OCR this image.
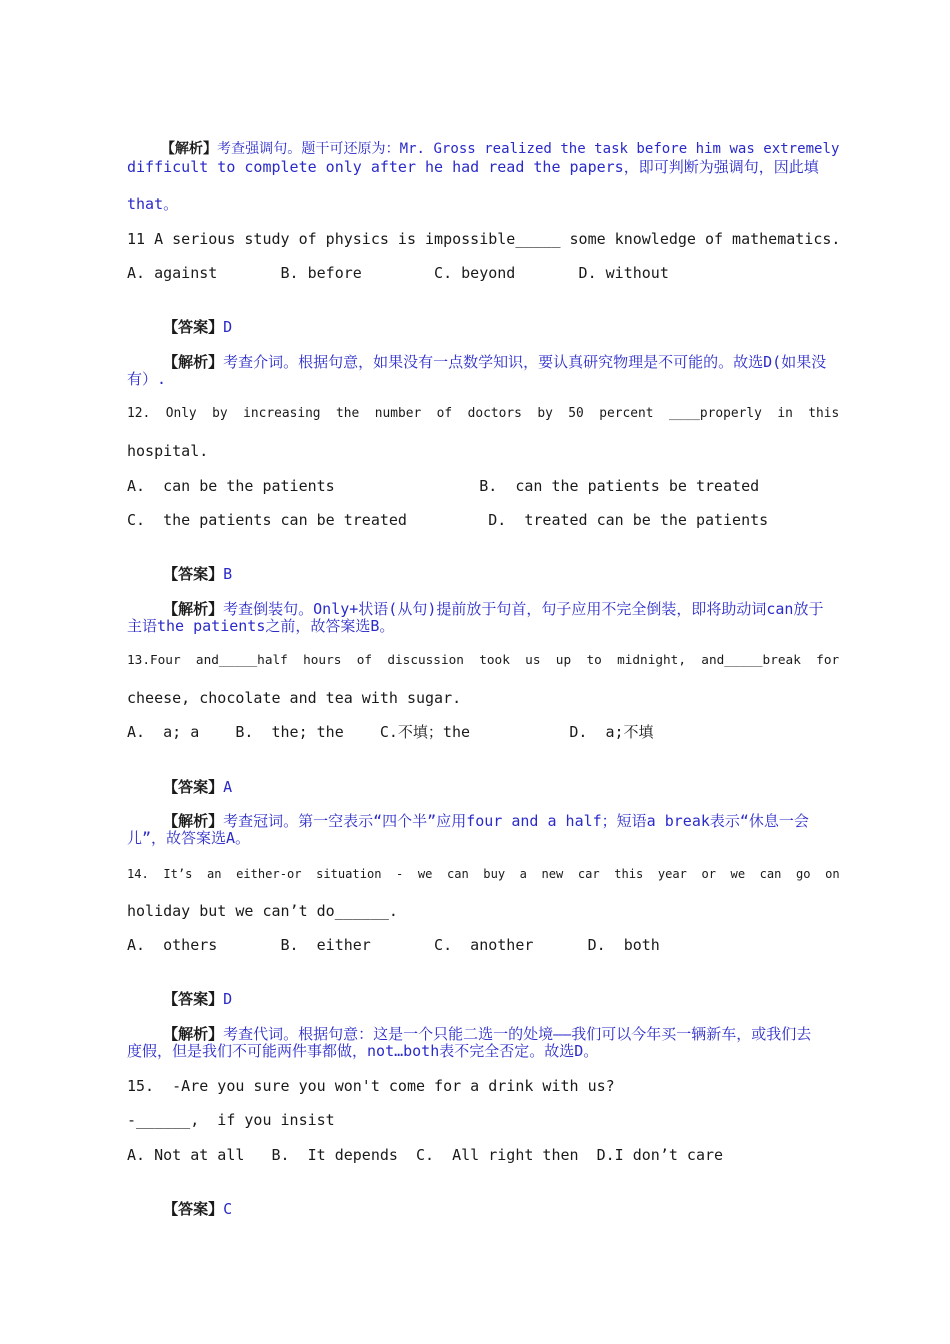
【解析】考查强调句。题干可还原为：Mr. Gross realized the task before him was extremely

difficult to complete only after he had read the papers，即可判断为强调句，因此填
that。
11 A serious study of physics is impossible_____ some knowledge of mathematics.
A. against       B. before        C. beyond       D. without

【答案】D

【解析】考查介词。根据句意，如果没有一点数学知识，要认真研究物理是不可能的。故选D(如果没

有）.
12.  Only  by  increasing  the  number  of  doctors  by  50  percent  ____properly  in  this
hospital.
A.  can be the patients                B.  can the patients be treated
C.  the patients can be treated         D.  treated can be the patients

【答案】B

【解析】考查倒装句。Only+状语(从句)提前放于句首，句子应用不完全倒装，即将助动词can放于

主语the patients之前，故答案选B。
13.Four  and_____half  hours  of  discussion  took  us  up  to  midnight,  and_____break  for
cheese, chocolate and tea with sugar.
A.  a; a    B.  the; the    C.不填；the           D.  a;不填

【答案】A

【解析】考查冠词。第一空表示“四个半”应用four and a half；短语a break表示“休息一会

儿”，故答案选A。
14.  It’s  an  either-or  situation  -  we  can  buy  a  new  car  this  year  or  we  can  go  on
holiday but we can’t do______.
A.  others       B.  either       C.  another      D.  both

【答案】D

【解析】考查代词。根据句意：这是一个只能二选一的处境——我们可以今年买一辆新车，或我们去

度假，但是我们不可能两件事都做，not…both表不完全否定。故选D。
15.  -Are you sure you won't come for a drink with us?
-______,  if you insist
A. Not at all   B.  It depends  C.  All right then  D.I don’t care

【答案】C
